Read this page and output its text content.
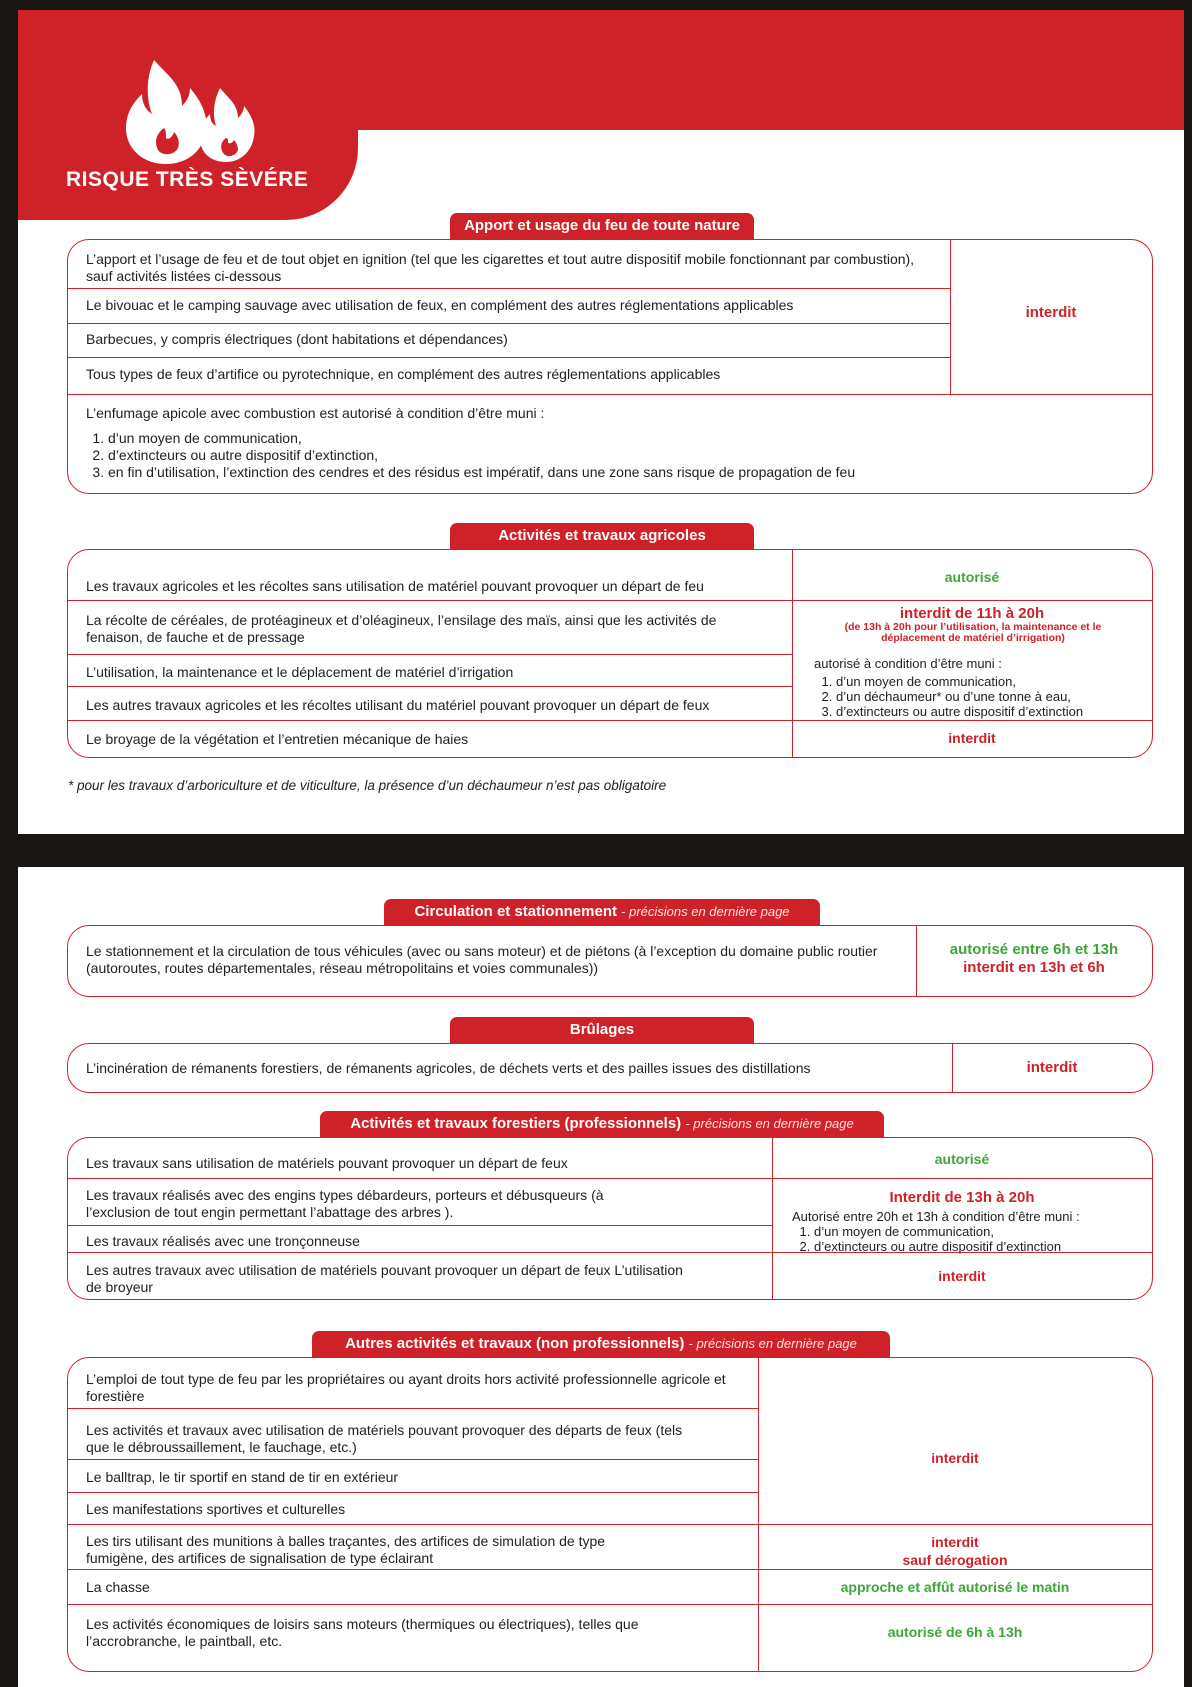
RISQUE TRÈS SÈVÉRE
Apport et usage du feu de toute nature
L’apport et l’usage de feu et de tout objet en ignition (tel que les cigarettes et tout autre dispositif mobile fonctionnant par combustion), sauf activités listées ci-dessous
Le bivouac et le camping sauvage avec utilisation de feux, en complément des autres réglementations applicables
Barbecues, y compris électriques (dont habitations et dépendances)
Tous types de feux d’artifice ou pyrotechnique, en complément des autres réglementations applicables
interdit
L’enfumage apicole avec combustion est autorisé à condition d’être muni :
1. d’un moyen de communication,
2. d’extincteurs ou autre dispositif d’extinction,
3. en fin d’utilisation, l’extinction des cendres et des résidus est impératif, dans une zone sans risque de propagation de feu
Activités et travaux agricoles
Les travaux agricoles et les récoltes sans utilisation de matériel pouvant provoquer un départ de feu
La récolte de céréales, de protéagineux et d’oléagineux, l’ensilage des maïs, ainsi que les activités de fenaison, de fauche et de pressage
L’utilisation, la maintenance et le déplacement de matériel d’irrigation
Les autres travaux agricoles et les récoltes utilisant du matériel pouvant provoquer un départ de feux
Le broyage de la végétation et l’entretien mécanique de haies
autorisé
interdit de 11h à 20h
(de 13h à 20h pour l’utilisation, la maintenance et le déplacement de matériel d’irrigation)
autorisé à condition d’être muni :
1. d’un moyen de communication,
2. d’un déchaumeur* ou d’une tonne à eau,
3. d’extincteurs ou autre dispositif d’extinction
interdit
* pour les travaux d’arboriculture et de viticulture, la présence d’un déchaumeur n’est pas obligatoire
Circulation et stationnement - précisions en dernière page
Le stationnement et la circulation de tous véhicules (avec ou sans moteur) et de piétons (à l’exception du domaine public routier (autoroutes, routes départementales, réseau métropolitains et voies communales))
autorisé entre 6h et 13h
interdit en 13h et 6h
Brûlages
L’incinération de rémanents forestiers, de rémanents agricoles, de déchets verts et des pailles issues des distillations	interdit
Activités et travaux forestiers (professionnels) - précisions en dernière page
Les travaux sans utilisation de matériels pouvant provoquer un départ de feux
Les travaux réalisés avec des engins types débardeurs, porteurs et débusqueurs (à l’exclusion de tout engin permettant l’abattage des arbres ).
Les travaux réalisés avec une tronçonneuse
Les autres travaux avec utilisation de matériels pouvant provoquer un départ de feux L’utilisation de broyeur
autorisé
Interdit de 13h à 20h
Autorisé entre 20h et 13h à condition d’être muni :
1. d’un moyen de communication,
2. d’extincteurs ou autre dispositif d’extinction
interdit
Autres activités et travaux (non professionnels) - précisions en dernière page
L’emploi de tout type de feu par les propriétaires ou ayant droits hors activité professionnelle agricole et forestière
Les activités et travaux avec utilisation de matériels pouvant provoquer des départs de feux (tels que le débroussaillement, le fauchage, etc.)
Le balltrap, le tir sportif en stand de tir en extérieur
Les manifestations sportives et culturelles
Les tirs utilisant des munitions à balles traçantes, des artifices de simulation de type fumigène, des artifices de signalisation de type éclairant
La chasse
Les activités économiques de loisirs sans moteurs (thermiques ou électriques), telles que l’accrobranche, le paintball, etc.
interdit
interdit
sauf dérogation
approche et affût autorisé le matin
autorisé de 6h à 13h
